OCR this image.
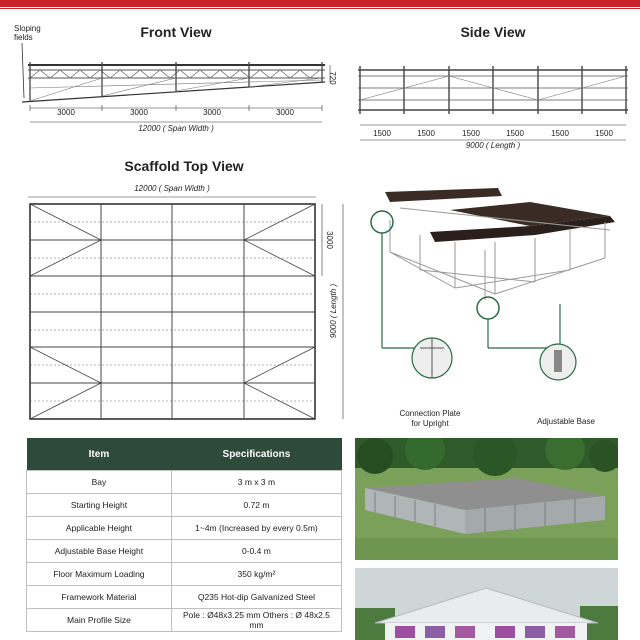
Front View
Sloping
fields
720
3000	3000	3000	3000
12000 ( Span Width )
Side View
1500	1500	1500	1500	1500	1500
9000 ( Length )
Scaffold Top View
12000 ( Span Width )
3000
9000 ( Length )
Connection Plate
for Upright	Adjustable Base
Item	Specifications
Bay	3 m x 3 m
Starting Height	0.72 m
Applicable Height	1~4m (Increased by every 0.5m)
Adjustable Base Height	0-0.4 m
Floor Maximum Loading	350 kg/m²
Framework Material	Q235 Hot-dip Galvanized Steel
Main Profile Size	Pole : Ø48x3.25 mm Others : Ø 48x2.5 mm
